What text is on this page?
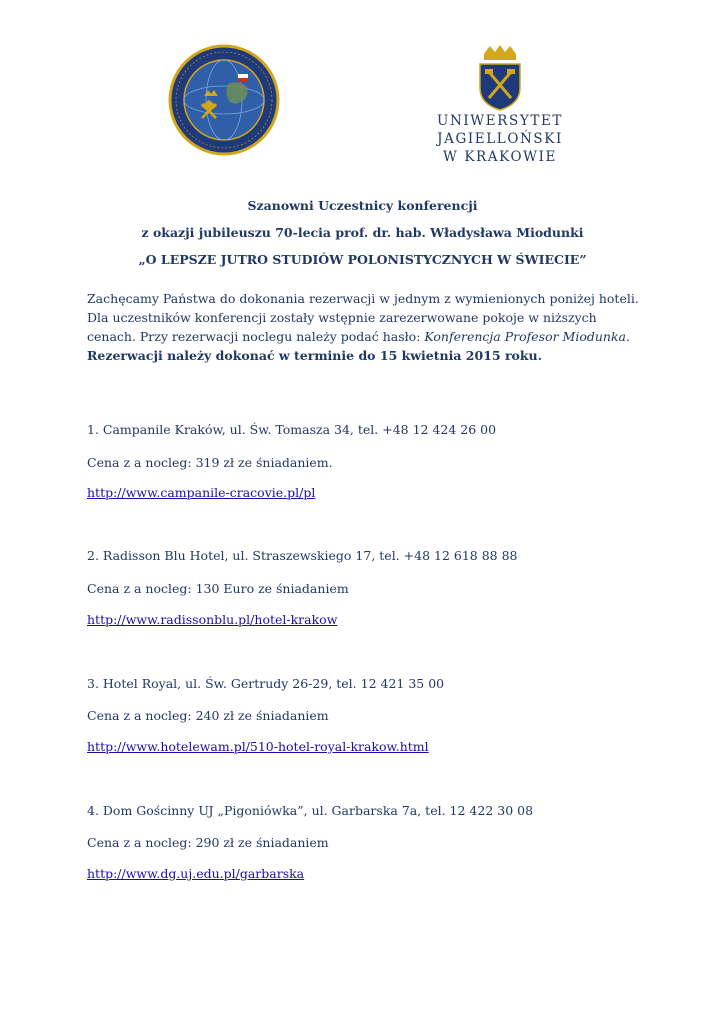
UNIWERSYTET JAGIELLOŃSKI
W KRAKOWIE
Szanowni Uczestnicy konferencji
z okazji jubileuszu 70-lecia prof. dr. hab. Władysława Miodunki
„O LEPSZE JUTRO STUDIÓW POLONISTYCZNYCH W ŚWIECIE”
Zachęcamy Państwa do dokonania rezerwacji w jednym z wymienionych poniżej hoteli.
Dla uczestników konferencji zostały wstępnie zarezerwowane pokoje w niższych
cenach. Przy rezerwacji noclegu należy podać hasło: Konferencja Profesor Miodunka.
Rezerwacji należy dokonać w terminie do 15 kwietnia 2015 roku.
1. Campanile Kraków, ul. Św. Tomasza 34, tel. +48 12 424 26 00
Cena z a nocleg: 319 zł ze śniadaniem.
http://www.campanile-cracovie.pl/pl
2. Radisson Blu Hotel, ul. Straszewskiego 17, tel. +48 12 618 88 88
Cena z a nocleg: 130 Euro ze śniadaniem
http://www.radissonblu.pl/hotel-krakow
3. Hotel Royal, ul. Św. Gertrudy 26-29, tel. 12 421 35 00
Cena z a nocleg: 240 zł ze śniadaniem
http://www.hotelewam.pl/510-hotel-royal-krakow.html
4. Dom Gościnny UJ „Pigoniówka”, ul. Garbarska 7a, tel. 12 422 30 08
Cena z a nocleg: 290 zł ze śniadaniem
http://www.dg.uj.edu.pl/garbarska
